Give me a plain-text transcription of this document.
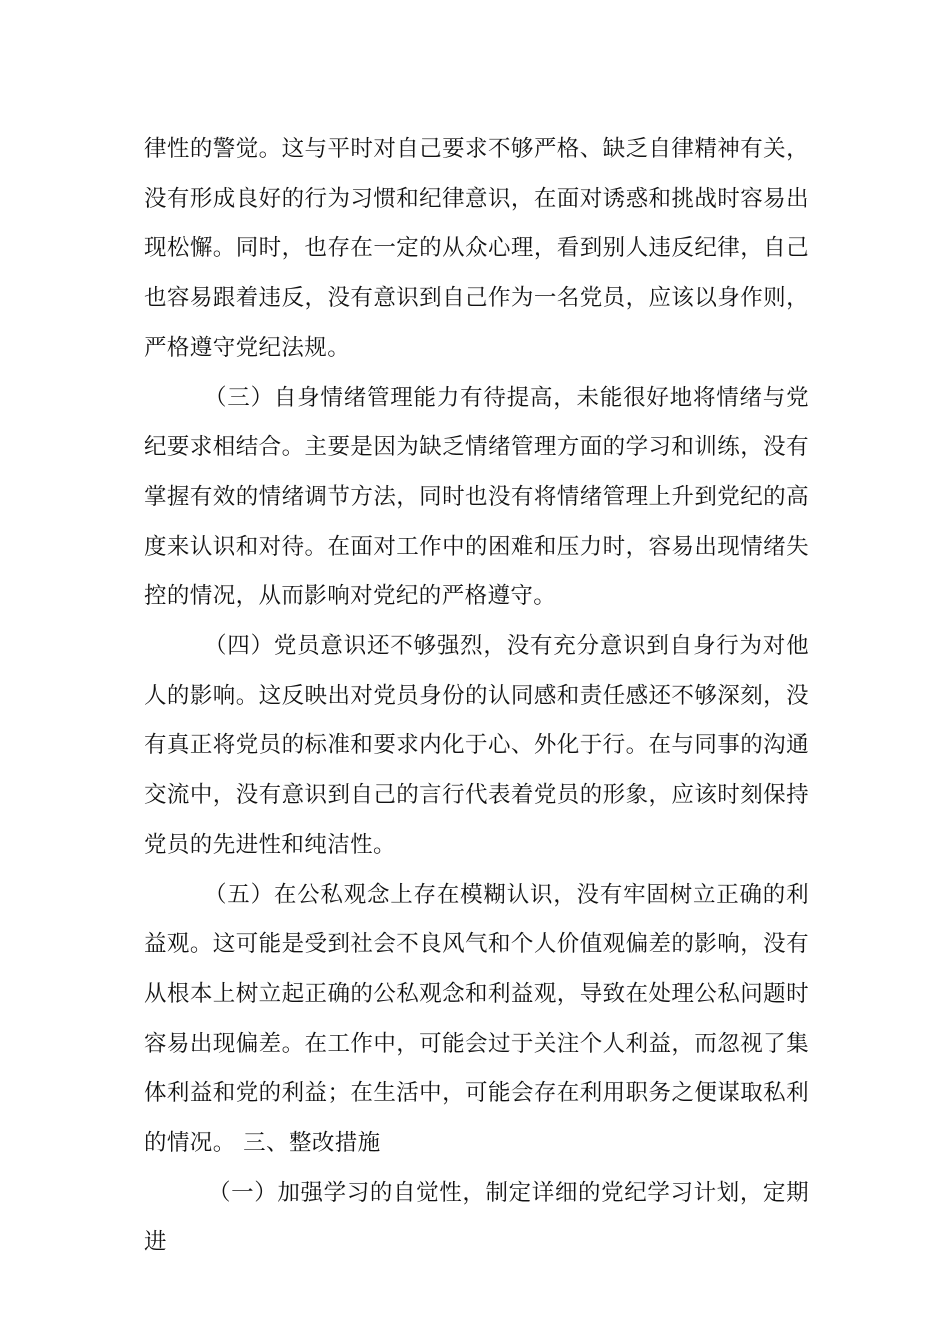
律性的警觉。这与平时对自己要求不够严格、缺乏自律精神有关，没有形成良好的行为习惯和纪律意识，在面对诱惑和挑战时容易出现松懈。同时，也存在一定的从众心理，看到别人违反纪律，自己也容易跟着违反，没有意识到自己作为一名党员，应该以身作则，严格遵守党纪法规。

（三）自身情绪管理能力有待提高，未能很好地将情绪与党纪要求相结合。主要是因为缺乏情绪管理方面的学习和训练，没有掌握有效的情绪调节方法，同时也没有将情绪管理上升到党纪的高度来认识和对待。在面对工作中的困难和压力时，容易出现情绪失控的情况，从而影响对党纪的严格遵守。

（四）党员意识还不够强烈，没有充分意识到自身行为对他人的影响。这反映出对党员身份的认同感和责任感还不够深刻，没有真正将党员的标准和要求内化于心、外化于行。在与同事的沟通交流中，没有意识到自己的言行代表着党员的形象，应该时刻保持党员的先进性和纯洁性。

（五）在公私观念上存在模糊认识，没有牢固树立正确的利益观。这可能是受到社会不良风气和个人价值观偏差的影响，没有从根本上树立起正确的公私观念和利益观，导致在处理公私问题时容易出现偏差。在工作中，可能会过于关注个人利益，而忽视了集体利益和党的利益；在生活中，可能会存在利用职务之便谋取私利的情况。 三、整改措施

（一）加强学习的自觉性，制定详细的党纪学习计划，定期进
